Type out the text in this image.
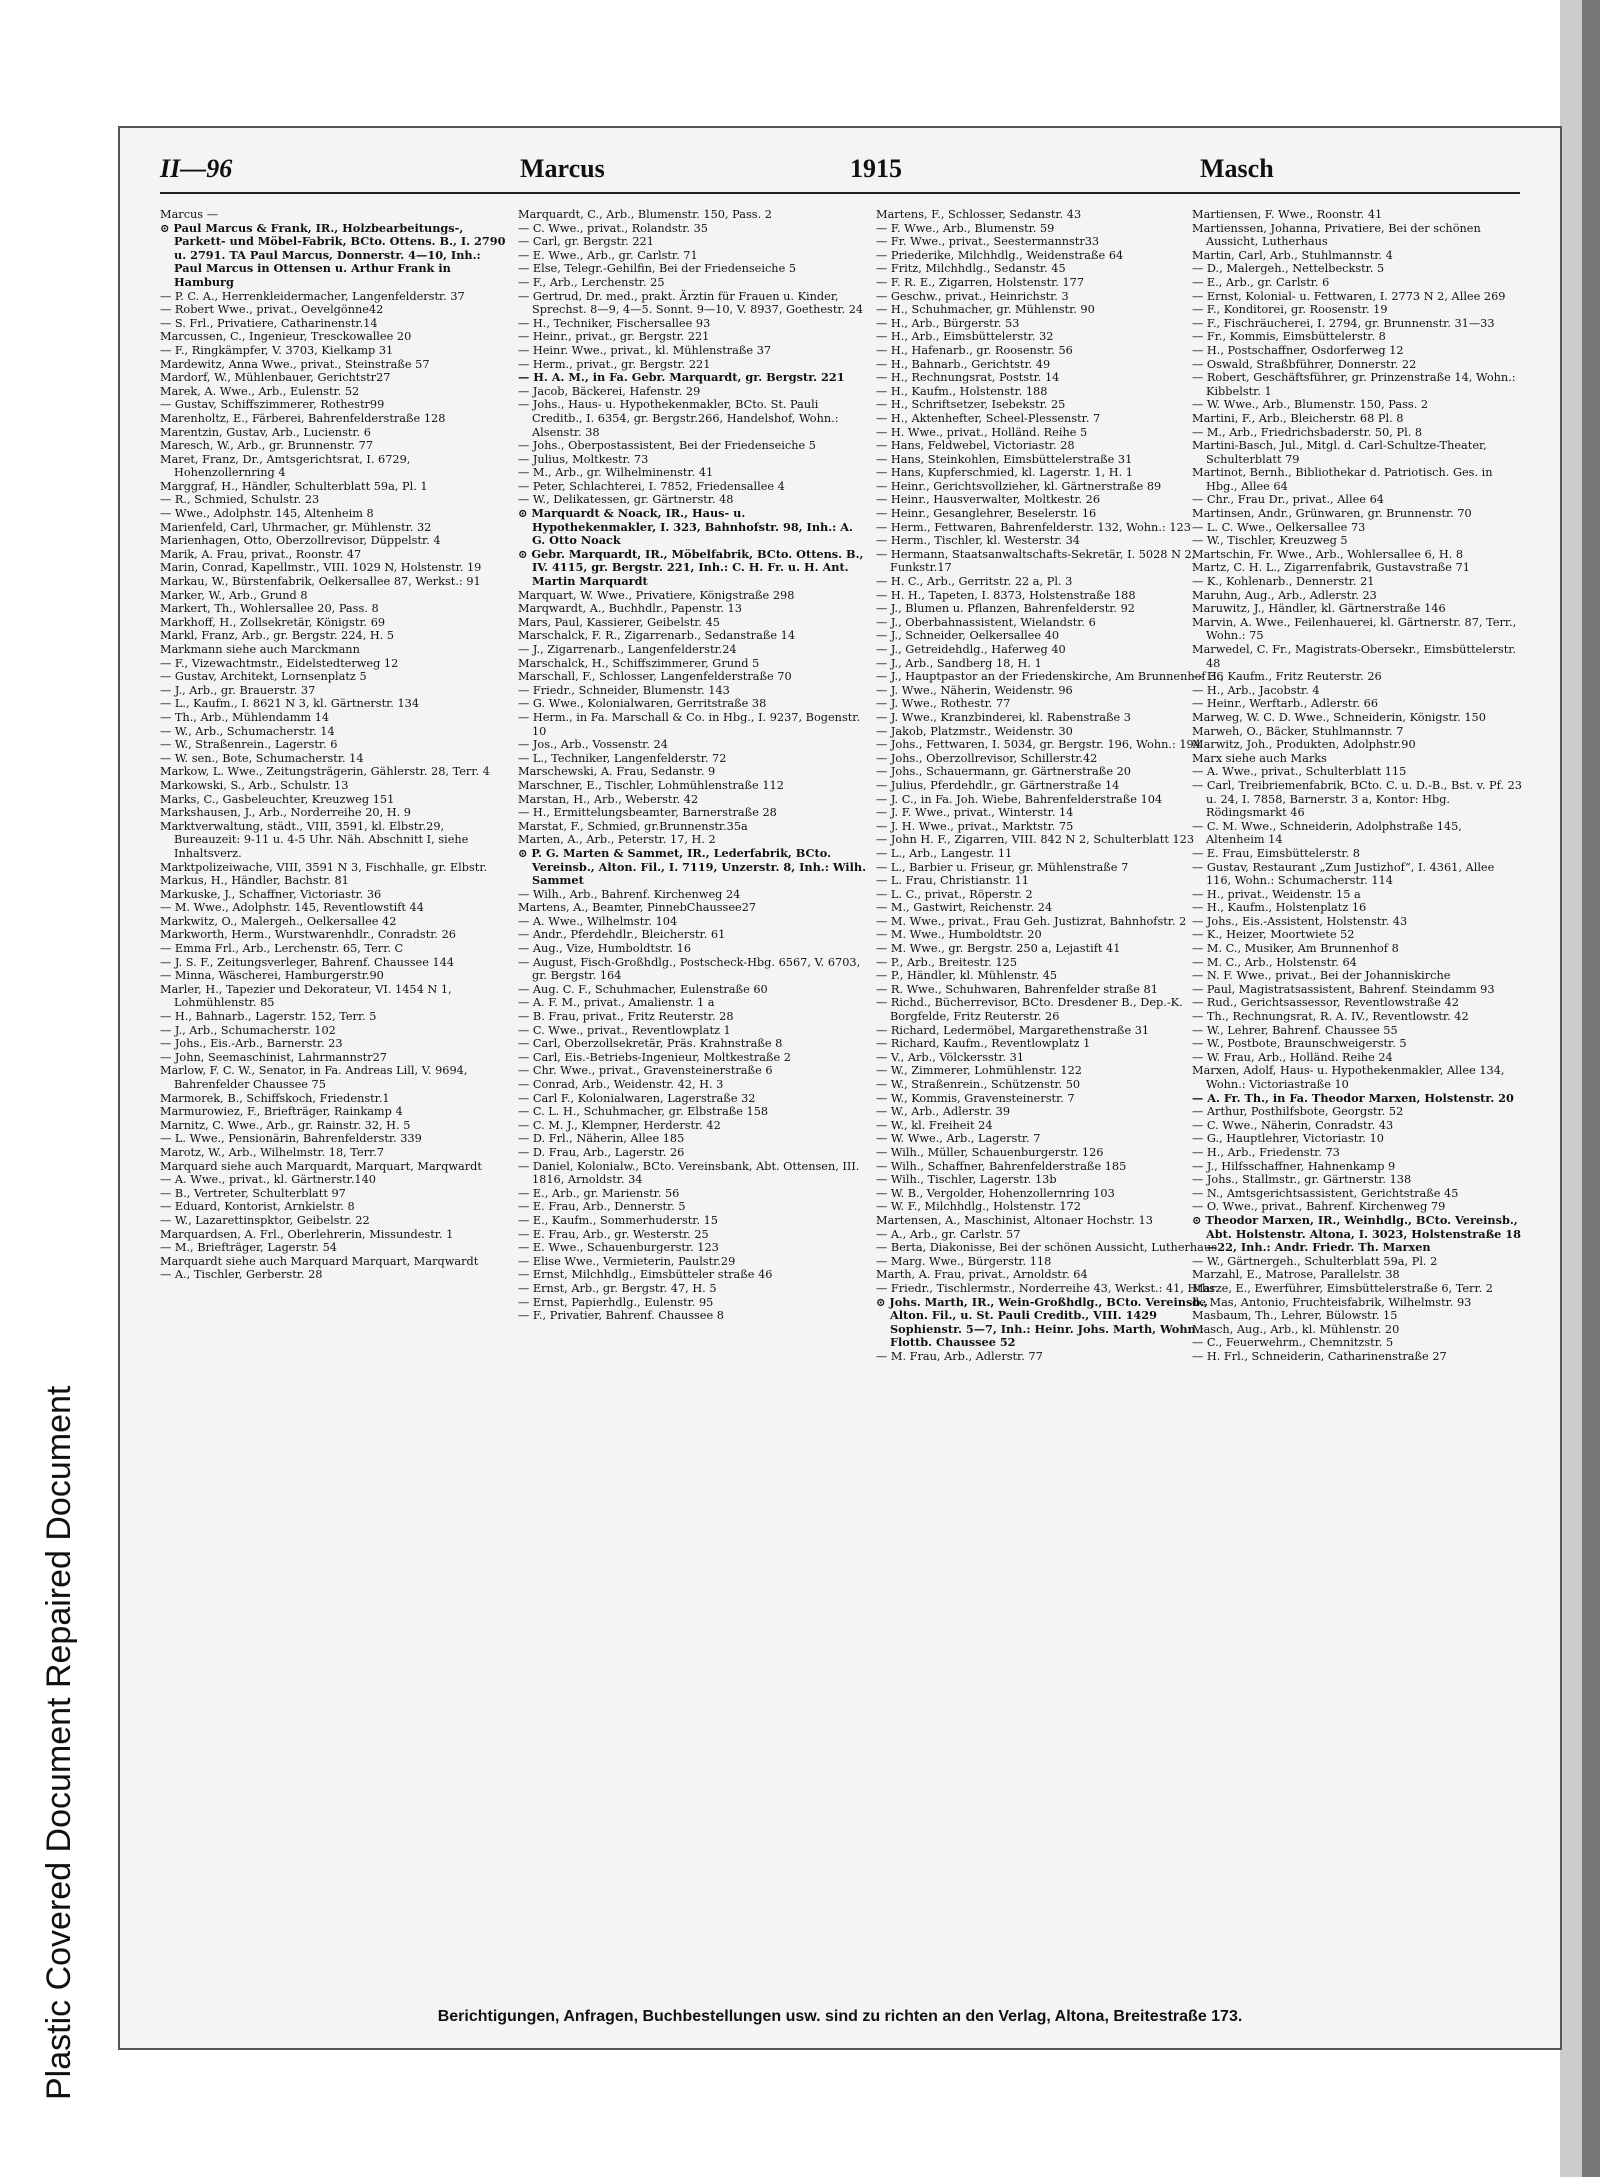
Plastic Covered Document Repaired Document
II—96	Marcus	1915	Masch

Marcus —

⊙ Paul Marcus & Frank, IR., Holzbearbeitungs-, Parkett- und Möbel-Fabrik, BCto. Ottens. B., I. 2790 u. 2791. TA Paul Marcus, Donnerstr. 4—10, Inh.: Paul Marcus in Ottensen u. Arthur Frank in Hamburg

— P. C. A., Herrenkleidermacher, Langenfelderstr. 37

— Robert Wwe., privat., Oevelgönne42

— S. Frl., Privatiere, Catharinenstr.14

Marcussen, C., Ingenieur, Tresckowallee 20

— F., Ringkämpfer, V. 3703, Kielkamp 31

Mardewitz, Anna Wwe., privat., Steinstraße 57

Mardorf, W., Mühlenbauer, Gerichtstr27

Marek, A. Wwe., Arb., Eulenstr. 52

— Gustav, Schiffszimmerer, Rothestr99

Marenholtz, E., Färberei, Bahrenfelderstraße 128

Marentzin, Gustav, Arb., Lucienstr. 6

Maresch, W., Arb., gr. Brunnenstr. 77

Maret, Franz, Dr., Amtsgerichtsrat, I. 6729, Hohenzollernring 4

Marggraf, H., Händler, Schulterblatt 59a, Pl. 1

— R., Schmied, Schulstr. 23

— Wwe., Adolphstr. 145, Altenheim 8

Marienfeld, Carl, Uhrmacher, gr. Mühlenstr. 32

Marienhagen, Otto, Oberzollrevisor, Düppelstr. 4

Marik, A. Frau, privat., Roonstr. 47

Marin, Conrad, Kapellmstr., VIII. 1029 N, Holstenstr. 19

Markau, W., Bürstenfabrik, Oelkersallee 87, Werkst.: 91

Marker, W., Arb., Grund 8

Markert, Th., Wohlersallee 20, Pass. 8

Markhoff, H., Zollsekretär, Königstr. 69

Markl, Franz, Arb., gr. Bergstr. 224, H. 5

Markmann siehe auch Marckmann

— F., Vizewachtmstr., Eidelstedterweg 12

— Gustav, Architekt, Lornsenplatz 5

— J., Arb., gr. Brauerstr. 37

— L., Kaufm., I. 8621 N 3, kl. Gärtnerstr. 134

— Th., Arb., Mühlendamm 14

— W., Arb., Schumacherstr. 14

— W., Straßenrein., Lagerstr. 6

— W. sen., Bote, Schumacherstr. 14

Markow, L. Wwe., Zeitungsträgerin, Gählerstr. 28, Terr. 4

Markowski, S., Arb., Schulstr. 13

Marks, C., Gasbeleuchter, Kreuzweg 151

Markshausen, J., Arb., Norderreihe 20, H. 9

Marktverwaltung, städt., VIII, 3591, kl. Elbstr.29, Bureauzeit: 9-11 u. 4-5 Uhr. Näh. Abschnitt I, siehe Inhaltsverz.

Marktpolizeiwache, VIII, 3591 N 3, Fischhalle, gr. Elbstr.

Markus, H., Händler, Bachstr. 81

Markuske, J., Schaffner, Victoriastr. 36

— M. Wwe., Adolphstr. 145, Reventlowstift 44

Markwitz, O., Malergeh., Oelkersallee 42

Markworth, Herm., Wurstwarenhdlr., Conradstr. 26

— Emma Frl., Arb., Lerchenstr. 65, Terr. C

— J. S. F., Zeitungsverleger, Bahrenf. Chaussee 144

— Minna, Wäscherei, Hamburgerstr.90

Marler, H., Tapezier und Dekorateur, VI. 1454 N 1, Lohmühlenstr. 85

— H., Bahnarb., Lagerstr. 152, Terr. 5

— J., Arb., Schumacherstr. 102

— Johs., Eis.-Arb., Barnerstr. 23

— John, Seemaschinist, Lahrmannstr27

Marlow, F. C. W., Senator, in Fa. Andreas Lill, V. 9694, Bahrenfelder Chaussee 75

Marmorek, B., Schiffskoch, Friedenstr.1

Marmurowiez, F., Briefträger, Rainkamp 4

Marnitz, C. Wwe., Arb., gr. Rainstr. 32, H. 5

— L. Wwe., Pensionärin, Bahrenfelderstr. 339

Marotz, W., Arb., Wilhelmstr. 18, Terr.7

Marquard siehe auch Marquardt, Marquart, Marqwardt

— A. Wwe., privat., kl. Gärtnerstr.140

— B., Vertreter, Schulterblatt 97

— Eduard, Kontorist, Arnkielstr. 8

— W., Lazarettinspktor, Geibelstr. 22

Marquardsen, A. Frl., Oberlehrerin, Missundestr. 1

— M., Briefträger, Lagerstr. 54

Marquardt siehe auch Marquard Marquart, Marqwardt

— A., Tischler, Gerberstr. 28

Marquardt, C., Arb., Blumenstr. 150, Pass. 2

— C. Wwe., privat., Rolandstr. 35

— Carl, gr. Bergstr. 221

— E. Wwe., Arb., gr. Carlstr. 71

— Else, Telegr.-Gehilfin, Bei der Friedenseiche 5

— F., Arb., Lerchenstr. 25

— Gertrud, Dr. med., prakt. Ärztin für Frauen u. Kinder, Sprechst. 8—9, 4—5. Sonnt. 9—10, V. 8937, Goethestr. 24

— H., Techniker, Fischersallee 93

— Heinr., privat., gr. Bergstr. 221

— Heinr. Wwe., privat., kl. Mühlenstraße 37

— Herm., privat., gr. Bergstr. 221

— H. A. M., in Fa. Gebr. Marquardt, gr. Bergstr. 221

— Jacob, Bäckerei, Hafenstr. 29

— Johs., Haus- u. Hypothekenmakler, BCto. St. Pauli Creditb., I. 6354, gr. Bergstr.266, Handelshof, Wohn.: Alsenstr. 38

— Johs., Oberpostassistent, Bei der Friedenseiche 5

— Julius, Moltkestr. 73

— M., Arb., gr. Wilhelminenstr. 41

— Peter, Schlachterei, I. 7852, Friedensallee 4

— W., Delikatessen, gr. Gärtnerstr. 48

⊙ Marquardt & Noack, IR., Haus- u. Hypothekenmakler, I. 323, Bahnhofstr. 98, Inh.: A. G. Otto Noack

⊙ Gebr. Marquardt, IR., Möbelfabrik, BCto. Ottens. B., IV. 4115, gr. Bergstr. 221, Inh.: C. H. Fr. u. H. Ant. Martin Marquardt

Marquart, W. Wwe., Privatiere, Königstraße 298

Marqwardt, A., Buchhdlr., Papenstr. 13

Mars, Paul, Kassierer, Geibelstr. 45

Marschalck, F. R., Zigarrenarb., Sedanstraße 14

— J., Zigarrenarb., Langenfelderstr.24

Marschalck, H., Schiffszimmerer, Grund 5

Marschall, F., Schlosser, Langenfelderstraße 70

— Friedr., Schneider, Blumenstr. 143

— G. Wwe., Kolonialwaren, Gerritstraße 38

— Herm., in Fa. Marschall & Co. in Hbg., I. 9237, Bogenstr. 10

— Jos., Arb., Vossenstr. 24

— L., Techniker, Langenfelderstr. 72

Marschewski, A. Frau, Sedanstr. 9

Marschner, E., Tischler, Lohmühlenstraße 112

Marstan, H., Arb., Weberstr. 42

— H., Ermittelungsbeamter, Barnerstraße 28

Marstat, F., Schmied, gr.Brunnenstr.35a

Marten, A., Arb., Peterstr. 17, H. 2

⊙ P. G. Marten & Sammet, IR., Lederfabrik, BCto. Vereinsb., Alton. Fil., I. 7119, Unzerstr. 8, Inh.: Wilh. Sammet

— Wilh., Arb., Bahrenf. Kirchenweg 24

Martens, A., Beamter, PinnebChaussee27

— A. Wwe., Wilhelmstr. 104

— Andr., Pferdehdlr., Bleicherstr. 61

— Aug., Vize, Humboldtstr. 16

— August, Fisch-Großhdlg., Postscheck-Hbg. 6567, V. 6703, gr. Bergstr. 164

— Aug. C. F., Schuhmacher, Eulenstraße 60

— A. F. M., privat., Amalienstr. 1 a

— B. Frau, privat., Fritz Reuterstr. 28

— C. Wwe., privat., Reventlowplatz 1

— Carl, Oberzollsekretär, Präs. Krahnstraße 8

— Carl, Eis.-Betriebs-Ingenieur, Moltkestraße 2

— Chr. Wwe., privat., Gravensteinerstraße 6

— Conrad, Arb., Weidenstr. 42, H. 3

— Carl F., Kolonialwaren, Lagerstraße 32

— C. L. H., Schuhmacher, gr. Elbstraße 158

— C. M. J., Klempner, Herderstr. 42

— D. Frl., Näherin, Allee 185

— D. Frau, Arb., Lagerstr. 26

— Daniel, Kolonialw., BCto. Vereinsbank, Abt. Ottensen, III. 1816, Arnoldstr. 34

— E., Arb., gr. Marienstr. 56

— E. Frau, Arb., Dennerstr. 5

— E., Kaufm., Sommerhuderstr. 15

— E. Frau, Arb., gr. Westerstr. 25

— E. Wwe., Schauenburgerstr. 123

— Elise Wwe., Vermieterin, Paulstr.29

— Ernst, Milchhdlg., Eimsbütteler straße 46

— Ernst, Arb., gr. Bergstr. 47, H. 5

— Ernst, Papierhdlg., Eulenstr. 95

— F., Privatier, Bahrenf. Chaussee 8

Martens, F., Schlosser, Sedanstr. 43

— F. Wwe., Arb., Blumenstr. 59

— Fr. Wwe., privat., Seestermannstr33

— Priederike, Milchhdlg., Weidenstraße 64

— Fritz, Milchhdlg., Sedanstr. 45

— F. R. E., Zigarren, Holstenstr. 177

— Geschw., privat., Heinrichstr. 3

— H., Schuhmacher, gr. Mühlenstr. 90

— H., Arb., Bürgerstr. 53

— H., Arb., Eimsbüttelerstr. 32

— H., Hafenarb., gr. Roosenstr. 56

— H., Bahnarb., Gerichtstr. 49

— H., Rechnungsrat, Poststr. 14

— H., Kaufm., Holstenstr. 188

— H., Schriftsetzer, Isebekstr. 25

— H., Aktenhefter, Scheel-Plessenstr. 7

— H. Wwe., privat., Holländ. Reihe 5

— Hans, Feldwebel, Victoriastr. 28

— Hans, Steinkohlen, Eimsbüttelerstraße 31

— Hans, Kupferschmied, kl. Lagerstr. 1, H. 1

— Heinr., Gerichtsvollzieher, kl. Gärtnerstraße 89

— Heinr., Hausverwalter, Moltkestr. 26

— Heinr., Gesanglehrer, Beselerstr. 16

— Herm., Fettwaren, Bahrenfelderstr. 132, Wohn.: 123

— Herm., Tischler, kl. Westerstr. 34

— Hermann, Staatsanwaltschafts-Sekretär, I. 5028 N 2, Funkstr.17

— H. C., Arb., Gerritstr. 22 a, Pl. 3

— H. H., Tapeten, I. 8373, Holstenstraße 188

— J., Blumen u. Pflanzen, Bahrenfelderstr. 92

— J., Oberbahnassistent, Wielandstr. 6

— J., Schneider, Oelkersallee 40

— J., Getreidehdlg., Haferweg 40

— J., Arb., Sandberg 18, H. 1

— J., Hauptpastor an der Friedenskirche, Am Brunnenhof 36

— J. Wwe., Näherin, Weidenstr. 96

— J. Wwe., Rothestr. 77

— J. Wwe., Kranzbinderei, kl. Rabenstraße 3

— Jakob, Platzmstr., Weidenstr. 30

— Johs., Fettwaren, I. 5034, gr. Bergstr. 196, Wohn.: 194

— Johs., Oberzollrevisor, Schillerstr.42

— Johs., Schauermann, gr. Gärtnerstraße 20

— Julius, Pferdehdlr., gr. Gärtnerstraße 14

— J. C., in Fa. Joh. Wiebe, Bahrenfelderstraße 104

— J. F. Wwe., privat., Winterstr. 14

— J. H. Wwe., privat., Marktstr. 75

— John H. F., Zigarren, VIII. 842 N 2, Schulterblatt 123

— L., Arb., Langestr. 11

— L., Barbier u. Friseur, gr. Mühlenstraße 7

— L. Frau, Christianstr. 11

— L. C., privat., Röperstr. 2

— M., Gastwirt, Reichenstr. 24

— M. Wwe., privat., Frau Geh. Justizrat, Bahnhofstr. 2

— M. Wwe., Humboldtstr. 20

— M. Wwe., gr. Bergstr. 250 a, Lejastift 41

— P., Arb., Breitestr. 125

— P., Händler, kl. Mühlenstr. 45

— R. Wwe., Schuhwaren, Bahrenfelder straße 81

— Richd., Bücherrevisor, BCto. Dresdener B., Dep.-K. Borgfelde, Fritz Reuterstr. 26

— Richard, Ledermöbel, Margarethenstraße 31

— Richard, Kaufm., Reventlowplatz 1

— V., Arb., Völckersstr. 31

— W., Zimmerer, Lohmühlenstr. 122

— W., Straßenrein., Schützenstr. 50

— W., Kommis, Gravensteinerstr. 7

— W., Arb., Adlerstr. 39

— W., kl. Freiheit 24

— W. Wwe., Arb., Lagerstr. 7

— Wilh., Müller, Schauenburgerstr. 126

— Wilh., Schaffner, Bahrenfelderstraße 185

— Wilh., Tischler, Lagerstr. 13b

— W. B., Vergolder, Hohenzollernring 103

— W. F., Milchhdlg., Holstenstr. 172

Martensen, A., Maschinist, Altonaer Hochstr. 13

— A., Arb., gr. Carlstr. 57

— Berta, Diakonisse, Bei der schönen Aussicht, Lutherhaus

— Marg. Wwe., Bürgerstr. 118

Marth, A. Frau, privat., Arnoldstr. 64

— Friedr., Tischlermstr., Norderreihe 43, Werkst.: 41, Hths.

⊙ Johs. Marth, IR., Wein-Großhdlg., BCto. Vereinsb., Alton. Fil., u. St. Pauli Creditb., VIII. 1429 Sophienstr. 5—7, Inh.: Heinr. Johs. Marth, Wohn.: Flottb. Chaussee 52

— M. Frau, Arb., Adlerstr. 77

Martiensen, F. Wwe., Roonstr. 41

Martienssen, Johanna, Privatiere, Bei der schönen Aussicht, Lutherhaus

Martin, Carl, Arb., Stuhlmannstr. 4

— D., Malergeh., Nettelbeckstr. 5

— E., Arb., gr. Carlstr. 6

— Ernst, Kolonial- u. Fettwaren, I. 2773 N 2, Allee 269

— F., Konditorei, gr. Roosenstr. 19

— F., Fischräucherei, I. 2794, gr. Brunnenstr. 31—33

— Fr., Kommis, Eimsbüttelerstr. 8

— H., Postschaffner, Osdorferweg 12

— Oswald, Straßbführer, Donnerstr. 22

— Robert, Geschäftsführer, gr. Prinzenstraße 14, Wohn.: Kibbelstr. 1

— W. Wwe., Arb., Blumenstr. 150, Pass. 2

Martini, F., Arb., Bleicherstr. 68 Pl. 8

— M., Arb., Friedrichsbaderstr. 50, Pl. 8

Martini-Basch, Jul., Mitgl. d. Carl-Schultze-Theater, Schulterblatt 79

Martinot, Bernh., Bibliothekar d. Patriotisch. Ges. in Hbg., Allee 64

— Chr., Frau Dr., privat., Allee 64

Martinsen, Andr., Grünwaren, gr. Brunnenstr. 70

— L. C. Wwe., Oelkersallee 73

— W., Tischler, Kreuzweg 5

Martschin, Fr. Wwe., Arb., Wohlersallee 6, H. 8

Martz, C. H. L., Zigarrenfabrik, Gustavstraße 71

— K., Kohlenarb., Dennerstr. 21

Maruhn, Aug., Arb., Adlerstr. 23

Maruwitz, J., Händler, kl. Gärtnerstraße 146

Marvin, A. Wwe., Feilenhauerei, kl. Gärtnerstr. 87, Terr., Wohn.: 75

Marwedel, C. Fr., Magistrats-Obersekr., Eimsbüttelerstr. 48

— H., Kaufm., Fritz Reuterstr. 26

— H., Arb., Jacobstr. 4

— Heinr., Werftarb., Adlerstr. 66

Marweg, W. C. D. Wwe., Schneiderin, Königstr. 150

Marweh, O., Bäcker, Stuhlmannstr. 7

Marwitz, Joh., Produkten, Adolphstr.90

Marx siehe auch Marks

— A. Wwe., privat., Schulterblatt 115

— Carl, Treibriemenfabrik, BCto. C. u. D.-B., Bst. v. Pf. 23 u. 24, I. 7858, Barnerstr. 3 a, Kontor: Hbg. Rödingsmarkt 46

— C. M. Wwe., Schneiderin, Adolphstraße 145, Altenheim 14

— E. Frau, Eimsbüttelerstr. 8

— Gustav, Restaurant „Zum Justizhof“, I. 4361, Allee 116, Wohn.: Schumacherstr. 114

— H., privat., Weidenstr. 15 a

— H., Kaufm., Holstenplatz 16

— Johs., Eis.-Assistent, Holstenstr. 43

— K., Heizer, Moortwiete 52

— M. C., Musiker, Am Brunnenhof 8

— M. C., Arb., Holstenstr. 64

— N. F. Wwe., privat., Bei der Johanniskirche

— Paul, Magistratsassistent, Bahrenf. Steindamm 93

— Rud., Gerichtsassessor, Reventlowstraße 42

— Th., Rechnungsrat, R. A. IV., Reventlowstr. 42

— W., Lehrer, Bahrenf. Chaussee 55

— W., Postbote, Braunschweigerstr. 5

— W. Frau, Arb., Holländ. Reihe 24

Marxen, Adolf, Haus- u. Hypothekenmakler, Allee 134, Wohn.: Victoriastraße 10

— A. Fr. Th., in Fa. Theodor Marxen, Holstenstr. 20

— Arthur, Posthilfsbote, Georgstr. 52

— C. Wwe., Näherin, Conradstr. 43

— G., Hauptlehrer, Victoriastr. 10

— H., Arb., Friedenstr. 73

— J., Hilfsschaffner, Hahnenkamp 9

— Johs., Stallmstr., gr. Gärtnerstr. 138

— N., Amtsgerichtsassistent, Gerichtstraße 45

— O. Wwe., privat., Bahrenf. Kirchenweg 79

⊙ Theodor Marxen, IR., Weinhdlg., BCto. Vereinsb., Abt. Holstenstr. Altona, I. 3023, Holstenstraße 18—22, Inh.: Andr. Friedr. Th. Marxen

— W., Gärtnergeh., Schulterblatt 59a, Pl. 2

Marzahl, E., Matrose, Parallelstr. 38

Marze, E., Ewerführer, Eimsbüttelerstraße 6, Terr. 2

de Mas, Antonio, Fruchteisfabrik, Wilhelmstr. 93

Masbaum, Th., Lehrer, Bülowstr. 15

Masch, Aug., Arb., kl. Mühlenstr. 20

— C., Feuerwehrm., Chemnitzstr. 5

— H. Frl., Schneiderin, Catharinenstraße 27

Berichtigungen, Anfragen, Buchbestellungen usw. sind zu richten an den Verlag, Altona, Breitestraße 173.
